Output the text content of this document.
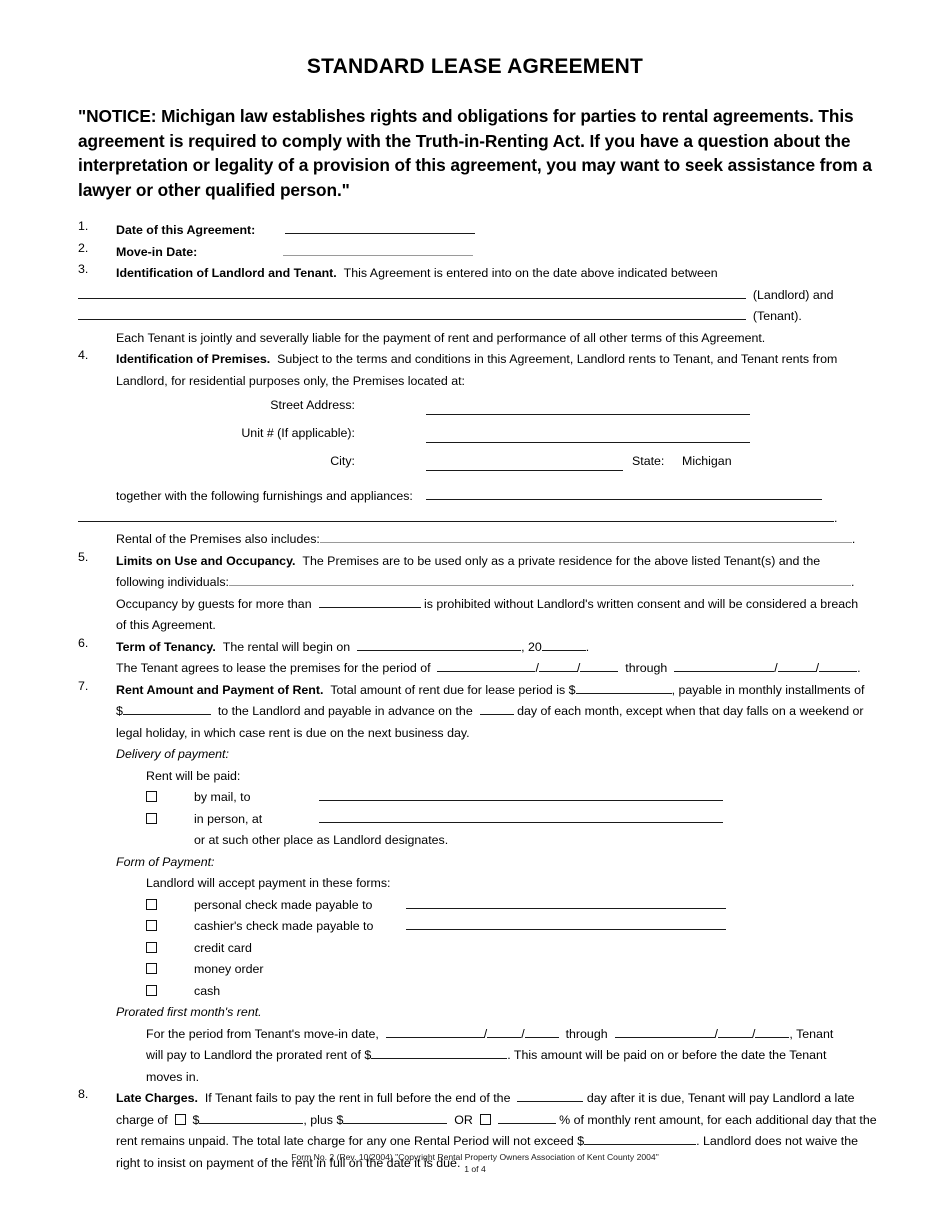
STANDARD LEASE AGREEMENT
"NOTICE: Michigan law establishes rights and obligations for parties to rental agreements. This agreement is required to comply with the Truth-in-Renting Act. If you have a question about the interpretation or legality of a provision of this agreement, you may want to seek assistance from a lawyer or other qualified person."
1.	Date of this Agreement:
2.	Move-in Date:
3.	Identification of Landlord and Tenant. This Agreement is entered into on the date above indicated between
(Landlord) and
(Tenant).
Each Tenant is jointly and severally liable for the payment of rent and performance of all other terms of this Agreement.
4.	Identification of Premises. Subject to the terms and conditions in this Agreement, Landlord rents to Tenant, and Tenant rents from
Landlord, for residential purposes only, the Premises located at:
Street Address:
Unit # (If applicable):
City:	State: Michigan
together with the following furnishings and appliances:
.
Rental of the Premises also includes:	.
5.	Limits on Use and Occupancy. The Premises are to be used only as a private residence for the above listed Tenant(s) and the
following individuals:	.
Occupancy by guests for more than	is prohibited without Landlord's written consent and will be considered a breach
of this Agreement.
6.	Term of Tenancy. The rental will begin on	, 20	.
The Tenant agrees to lease the premises for the period of	/	/	through	/	/	.
7.	Rent Amount and Payment of Rent. Total amount of rent due for lease period is $	, payable in monthly installments of
$	to the Landlord and payable in advance on the	day of each month, except when that day falls on a weekend or
legal holiday, in which case rent is due on the next business day.
Delivery of payment:
Rent will be paid:
by mail, to
in person, at
or at such other place as Landlord designates.
Form of Payment:
Landlord will accept payment in these forms:
personal check made payable to
cashier's check made payable to
credit card
money order
cash
Prorated first month's rent.
For the period from Tenant's move-in date,	/	/	through	/	/	, Tenant
will pay to Landlord the prorated rent of $	. This amount will be paid on or before the date the Tenant
moves in.
8.	Late Charges. If Tenant fails to pay the rent in full before the end of the	day after it is due, Tenant will pay Landlord a late
charge of $	, plus $	OR	% of monthly rent amount, for each additional day that the
rent remains unpaid. The total late charge for any one Rental Period will not exceed $	. Landlord does not waive the
right to insist on payment of the rent in full on the date it is due.
Form No. 2 (Rev. 10/2004) "Copyright Rental Property Owners Association of Kent County 2004"
1 of 4
